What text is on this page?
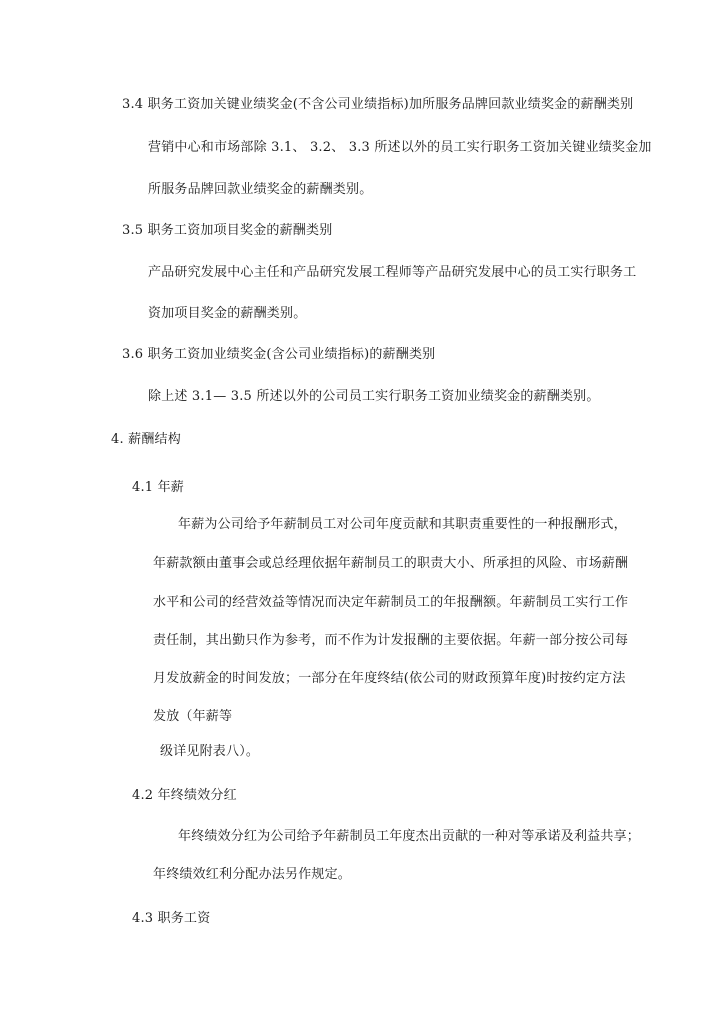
3.4 职务工资加关键业绩奖金(不含公司业绩指标)加所服务品牌回款业绩奖金的薪酬类别
营销中心和市场部除 3.1、 3.2、 3.3 所述以外的员工实行职务工资加关键业绩奖金加
所服务品牌回款业绩奖金的薪酬类别。
3.5 职务工资加项目奖金的薪酬类别
产品研究发展中心主任和产品研究发展工程师等产品研究发展中心的员工实行职务工
资加项目奖金的薪酬类别。
3.6 职务工资加业绩奖金(含公司业绩指标)的薪酬类别
除上述 3.1— 3.5 所述以外的公司员工实行职务工资加业绩奖金的薪酬类别。
4. 薪酬结构
4.1 年薪
年薪为公司给予年薪制员工对公司年度贡献和其职责重要性的一种报酬形式，
年薪款额由董事会或总经理依据年薪制员工的职责大小、所承担的风险、市场薪酬
水平和公司的经营效益等情况而决定年薪制员工的年报酬额。年薪制员工实行工作
责任制，其出勤只作为参考，而不作为计发报酬的主要依据。年薪一部分按公司每
月发放薪金的时间发放；一部分在年度终结(依公司的财政预算年度)时按约定方法
发放（年薪等
级详见附表八）。
4.2 年终绩效分红
年终绩效分红为公司给予年薪制员工年度杰出贡献的一种对等承诺及利益共享；
年终绩效红利分配办法另作规定。
4.3 职务工资
